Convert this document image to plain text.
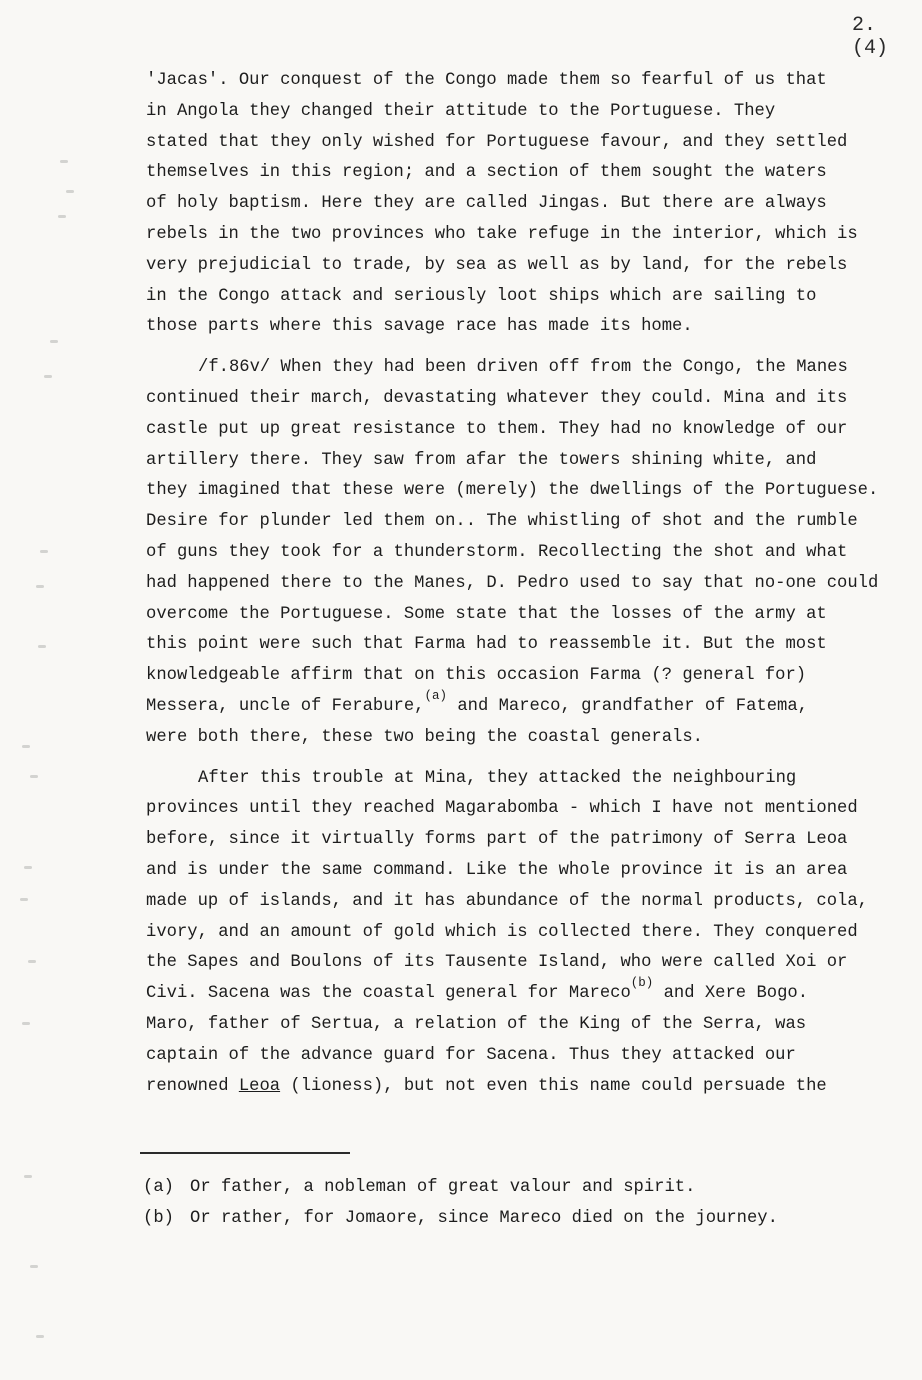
2. (4)

'Jacas'. Our conquest of the Congo made them so fearful of us that
in Angola they changed their attitude to the Portuguese. They
stated that they only wished for Portuguese favour, and they settled
themselves in this region; and a section of them sought the waters
of holy baptism. Here they are called Jingas. But there are always
rebels in the two provinces who take refuge in the interior, which is
very prejudicial to trade, by sea as well as by land, for the rebels
in the Congo attack and seriously loot ships which are sailing to
those parts where this savage race has made its home.

/f.86v/ When they had been driven off from the Congo, the Manes
continued their march, devastating whatever they could. Mina and its
castle put up great resistance to them. They had no knowledge of our
artillery there. They saw from afar the towers shining white, and
they imagined that these were (merely) the dwellings of the Portuguese.
Desire for plunder led them on.. The whistling of shot and the rumble
of guns they took for a thunderstorm. Recollecting the shot and what
had happened there to the Manes, D. Pedro used to say that no-one could
overcome the Portuguese. Some state that the losses of the army at
this point were such that Farma had to reassemble it. But the most
knowledgeable affirm that on this occasion Farma (? general for)
Messera, uncle of Ferabure,$^{(a)}$ and Mareco, grandfather of Fatema,
were both there, these two being the coastal generals.

After this trouble at Mina, they attacked the neighbouring
provinces until they reached Magarabomba - which I have not mentioned
before, since it virtually forms part of the patrimony of Serra Leoa
and is under the same command. Like the whole province it is an area
made up of islands, and it has abundance of the normal products, cola,
ivory, and an amount of gold which is collected there. They conquered
the Sapes and Boulons of its Tausente Island, who were called Xoi or
Civi. Sacena was the coastal general for Mareco$^{(b)}$ and Xere Bogo.
Maro, father of Sertua, a relation of the King of the Serra, was
captain of the advance guard for Sacena. Thus they attacked our
renowned Leoa (lioness), but not even this name could persuade the

(a) Or father, a nobleman of great valour and spirit.
(b) Or rather, for Jomaore, since Mareco died on the journey.
